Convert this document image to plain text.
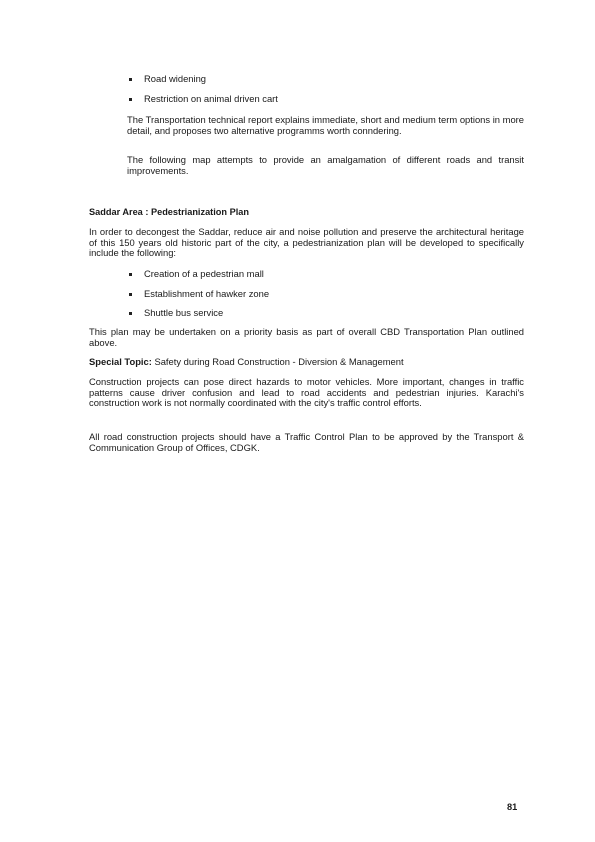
Road widening
Restriction on animal driven cart

The Transportation technical report explains immediate, short and medium term options in more detail, and proposes two alternative programms worth conndering.

The following map attempts to provide an amalgamation of different roads and transit improvements.

Saddar Area : Pedestrianization Plan

In order to decongest the Saddar, reduce air and noise pollution and preserve the architectural heritage of this 150 years old historic part of the city, a pedestrianization plan will be developed to specifically include the following:

Creation of a pedestrian mall
Establishment of hawker zone
Shuttle bus service

This plan may be undertaken on a priority basis as part of overall CBD Transportation Plan outlined above.

Special Topic: Safety during Road Construction - Diversion & Management

Construction projects can pose direct hazards to motor vehicles. More important, changes in traffic patterns cause driver confusion and lead to road accidents and pedestrian injuries. Karachi's construction work is not normally coordinated with the city's traffic control efforts.

All road construction projects should have a Traffic Control Plan to be approved by the Transport & Communication Group of Offices, CDGK.

81
